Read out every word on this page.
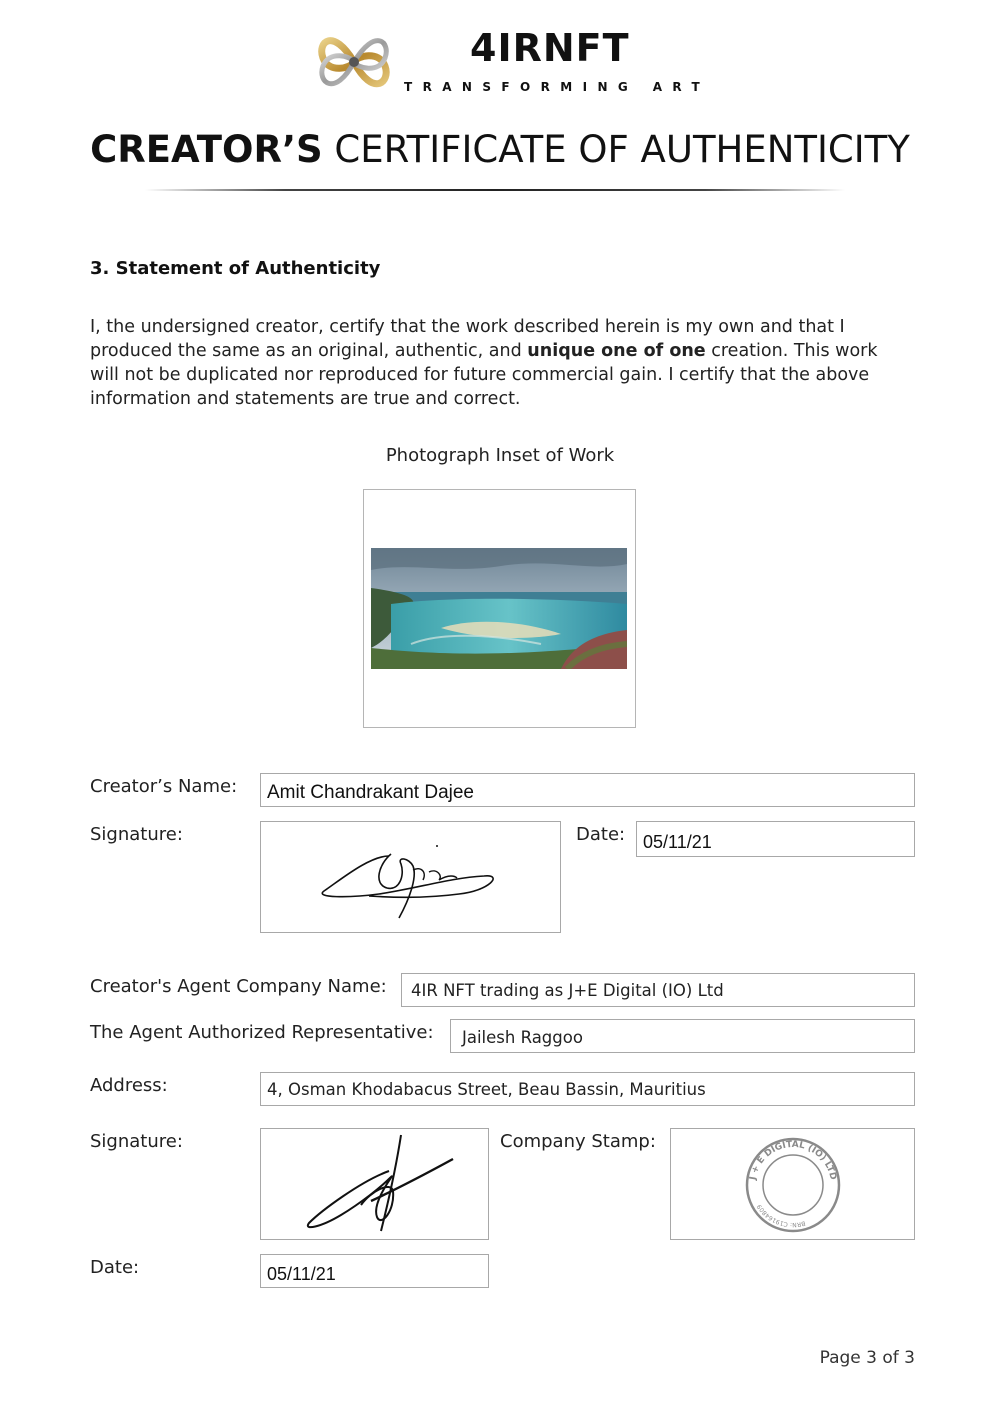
4IRNFT
TRANSFORMING ART
CREATOR’S CERTIFICATE OF AUTHENTICITY
3. Statement of Authenticity
I, the undersigned creator, certify that the work described herein is my own and that I produced the same as an original, authentic, and unique one of one creation. This work will not be duplicated nor reproduced for future commercial gain. I certify that the above information and statements are true and correct.
Photograph Inset of Work
Creator’s Name: Amit Chandrakant Dajee
Signature:	Date: 05/11/21
Creator's Agent Company Name: 4IR NFT trading as J+E Digital (IO) Ltd
The Agent Authorized Representative: Jailesh Raggoo
Address:	4, Osman Khodabacus Street, Beau Bassin, Mauritius
Signature:	Company Stamp:
J + E DIGITAL (IO) LTD
BRN: C19164809
Date:	05/11/21
Page 3 of 3
